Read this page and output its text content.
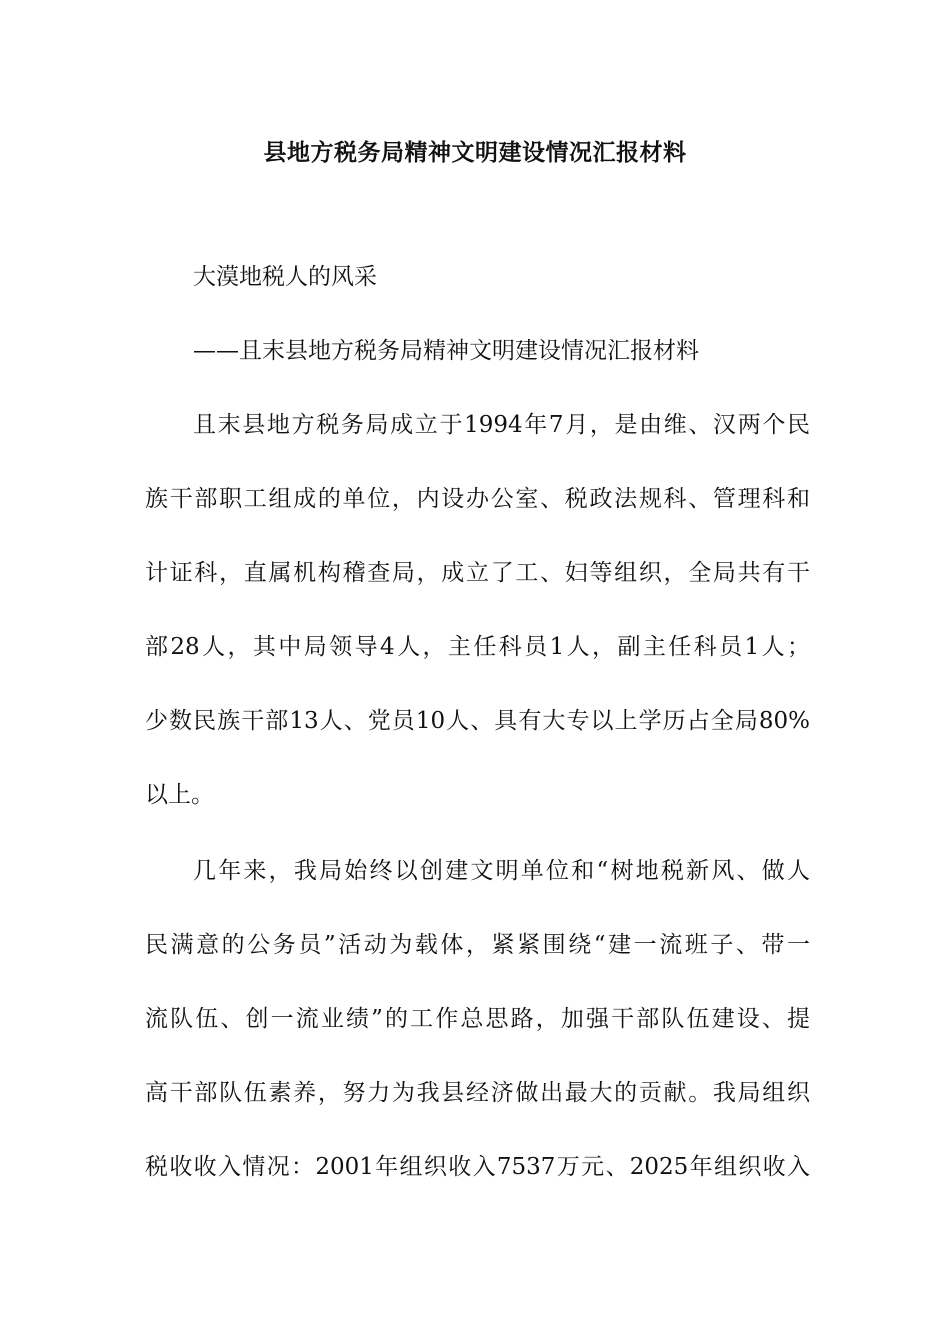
县地方税务局精神文明建设情况汇报材料
大漠地税人的风采
——且末县地方税务局精神文明建设情况汇报材料
且末县地方税务局成立于1994年7月，是由维、汉两个民
族干部职工组成的单位，内设办公室、税政法规科、管理科和
计证科，直属机构稽查局，成立了工、妇等组织，全局共有干
部28人，其中局领导4人，主任科员1人，副主任科员1人；
少数民族干部13人、党员10人、具有大专以上学历占全局80%
以上。
几年来，我局始终以创建文明单位和“树地税新风、做人
民满意的公务员”活动为载体，紧紧围绕“建一流班子、带一
流队伍、创一流业绩”的工作总思路，加强干部队伍建设、提
高干部队伍素养，努力为我县经济做出最大的贡献。我局组织
税收收入情况：2001年组织收入7537万元、2025年组织收入
